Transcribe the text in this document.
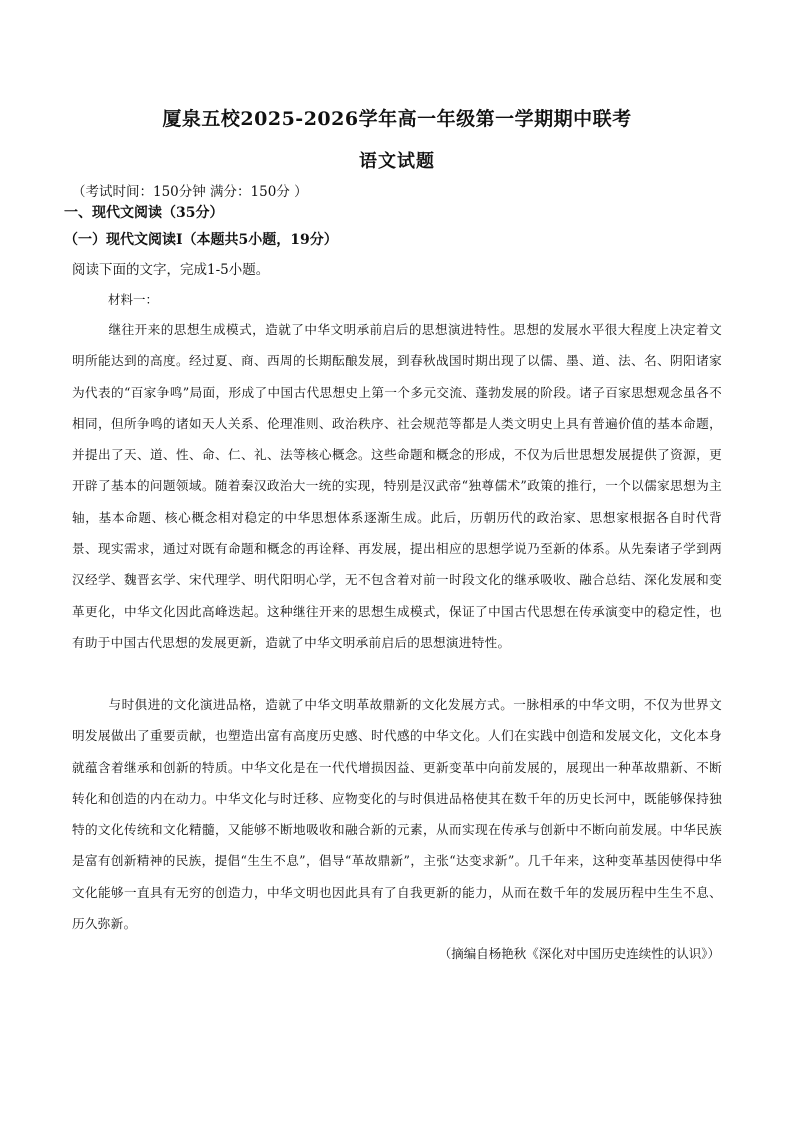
厦泉五校2025-2026学年高一年级第一学期期中联考
语文试题
（考试时间：150分钟 满分：150分 ）
一、现代文阅读（35分）
（一）现代文阅读Ⅰ（本题共5小题，19分）
阅读下面的文字，完成1-5小题。
材料一：

继往开来的思想生成模式，造就了中华文明承前启后的思想演进特性。思想的发展水平很大程度上决定着文明所能达到的高度。经过夏、商、西周的长期酝酿发展，到春秋战国时期出现了以儒、墨、道、法、名、阴阳诸家为代表的“百家争鸣”局面，形成了中国古代思想史上第一个多元交流、蓬勃发展的阶段。诸子百家思想观念虽各不相同，但所争鸣的诸如天人关系、伦理准则、政治秩序、社会规范等都是人类文明史上具有普遍价值的基本命题，并提出了天、道、性、命、仁、礼、法等核心概念。这些命题和概念的形成，不仅为后世思想发展提供了资源，更开辟了基本的问题领域。随着秦汉政治大一统的实现，特别是汉武帝“独尊儒术”政策的推行，一个以儒家思想为主轴，基本命题、核心概念相对稳定的中华思想体系逐渐生成。此后，历朝历代的政治家、思想家根据各自时代背景、现实需求，通过对既有命题和概念的再诠释、再发展，提出相应的思想学说乃至新的体系。从先秦诸子学到两汉经学、魏晋玄学、宋代理学、明代阳明心学，无不包含着对前一时段文化的继承吸收、融合总结、深化发展和变革更化，中华文化因此高峰迭起。这种继往开来的思想生成模式，保证了中国古代思想在传承演变中的稳定性，也有助于中国古代思想的发展更新，造就了中华文明承前启后的思想演进特性。

与时俱进的文化演进品格，造就了中华文明革故鼎新的文化发展方式。一脉相承的中华文明，不仅为世界文明发展做出了重要贡献，也塑造出富有高度历史感、时代感的中华文化。人们在实践中创造和发展文化，文化本身就蕴含着继承和创新的特质。中华文化是在一代代增损因益、更新变革中向前发展的，展现出一种革故鼎新、不断转化和创造的内在动力。中华文化与时迁移、应物变化的与时俱进品格使其在数千年的历史长河中，既能够保持独特的文化传统和文化精髓，又能够不断地吸收和融合新的元素，从而实现在传承与创新中不断向前发展。中华民族是富有创新精神的民族，提倡“生生不息”，倡导“革故鼎新”，主张“达变求新”。几千年来，这种变革基因使得中华文化能够一直具有无穷的创造力，中华文明也因此具有了自我更新的能力，从而在数千年的发展历程中生生不息、历久弥新。

（摘编自杨艳秋《深化对中国历史连续性的认识》）
